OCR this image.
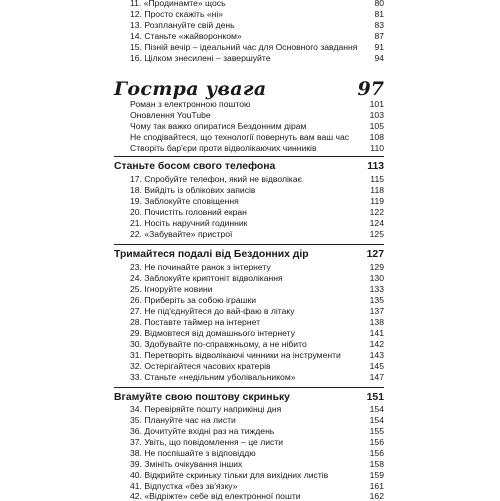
11. «Продинамте» щось	80
12. Просто скажіть «ні»	81
13. Розплануйте свій день	83
14. Станьте «жайворонком»	87
15. Пізній вечір – ідеальний час для Основного завдання 91
16. Цілком знесилені – завершуйте	94
Гостра увага	97
Роман з електронною поштою	101
Оновлення YouTube	103
Чому так важко опиратися Бездонним дірам	105
Не сподівайтеся, що технології повернуть вам ваш час 108
Створіть бар'єри проти відволікаючих чинників	110
Станьте босом свого телефона	113
17. Спробуйте телефон, який не відволікає	115
18. Вийдіть із облікових записів	118
19. Заблокуйте сповіщення	119
20. Почистіть головний екран	122
21. Носіть наручний годинник	124
22. «Забувайте» пристрої	125
Тримайтеся подалі від Бездонних дір	127
23. Не починайте ранок з інтернету	129
24. Заблокуйте криптоніт відволікання	130
25. Ігноруйте новини	133
26. Приберіть за собою іграшки	135
27. Не під'єднуйтеся до вай-фаю в літаку	137
28. Поставте таймер на інтернет	138
29. Відмовтеся від домашнього інтернету	141
30. Здобувайте по-справжньому, а не нібито	142
31. Перетворіть відволікаючі чинники на інструменти	143
32. Остерігайтеся часових кратерів	145
33. Станьте «недільним уболівальником»	147
Вгамуйте свою поштову скриньку	151
34. Перевіряйте пошту наприкінці дня	154
35. Плануйте час на листи	154
36. Дочитуйте вхідні раз на тиждень	155
37. Увіть, що повідомлення – це листи	156
38. Не поспішайте з відповіддю	156
39. Змініть очікування інших	158
40. Відкрийте скриньку тільки для вихідних листів	159
41. Відпустка «без зв'язку»	161
42. «Відріжте» себе від електронної пошти	162
